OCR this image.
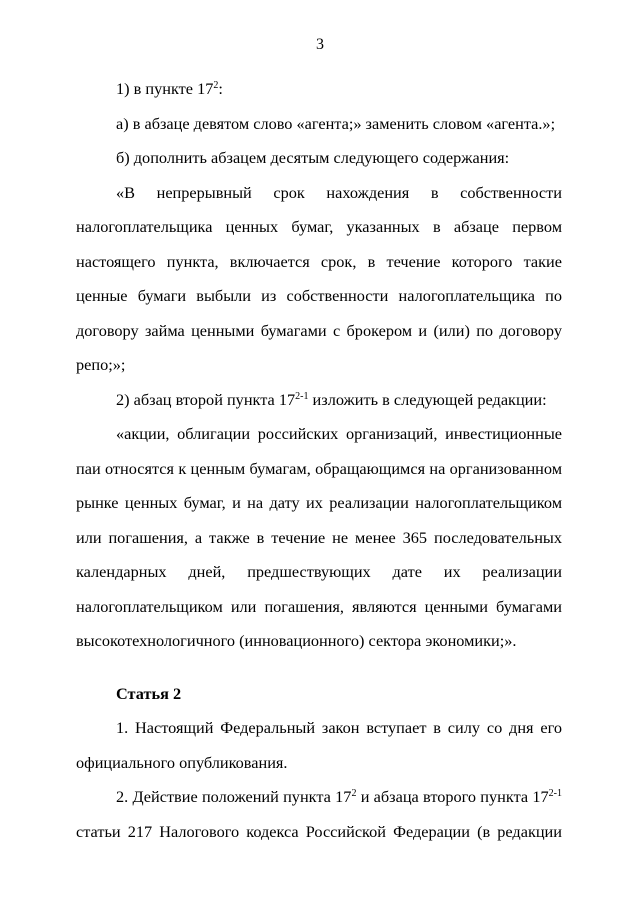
3

1) в пункте $17^2$:

а) в абзаце девятом слово «агента;» заменить словом «агента.»;

б) дополнить абзацем десятым следующего содержания:

«В непрерывный срок нахождения в собственности налогоплательщика ценных бумаг, указанных в абзаце первом настоящего пункта, включается срок, в течение которого такие ценные бумаги выбыли из собственности налогоплательщика по договору займа ценными бумагами с брокером и (или) по договору репо;»;

2) абзац второй пункта 17$^{2-1}$ изложить в следующей редакции:

«акции, облигации российских организаций, инвестиционные паи относятся к ценным бумагам, обращающимся на организованном рынке ценных бумаг, и на дату их реализации налогоплательщиком или погашения, а также в течение не менее 365 последовательных календарных дней, предшествующих дате их реализации налогоплательщиком или погашения, являются ценными бумагами высокотехнологичного (инновационного) сектора экономики;».

Статья 2

1. Настоящий Федеральный закон вступает в силу со дня его официального опубликования.

2. Действие положений пункта $17^2$ и абзаца второго пункта 17$^{2-1}$ статьи 217 Налогового кодекса Российской Федерации (в редакции
